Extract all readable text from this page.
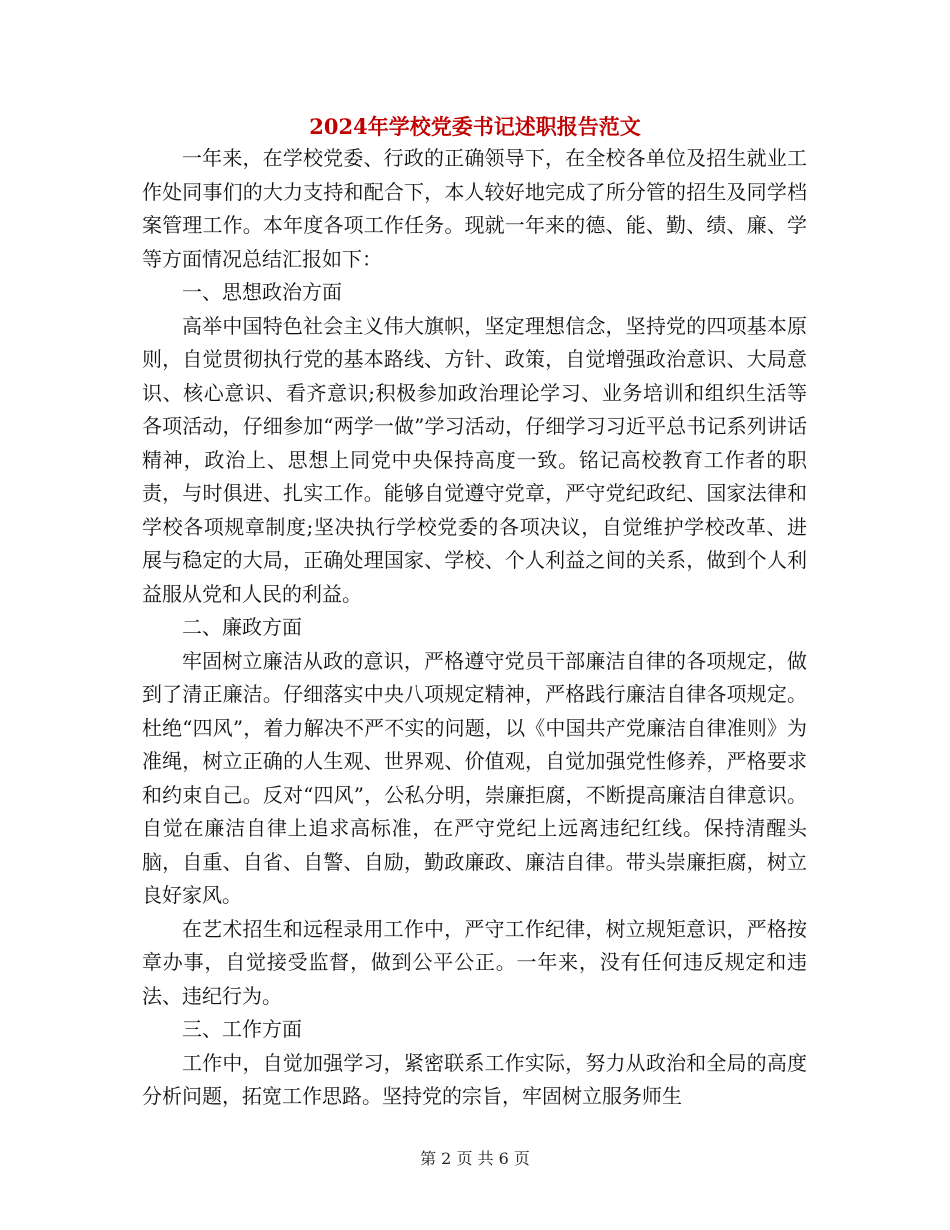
2024年学校党委书记述职报告范文

一年来，在学校党委、行政的正确领导下，在全校各单位及招生就业工作处同事们的大力支持和配合下，本人较好地完成了所分管的招生及同学档案管理工作。本年度各项工作任务。现就一年来的德、能、勤、绩、廉、学等方面情况总结汇报如下：

一、思想政治方面

高举中国特色社会主义伟大旗帜，坚定理想信念，坚持党的四项基本原则，自觉贯彻执行党的基本路线、方针、政策，自觉增强政治意识、大局意识、核心意识、看齐意识;积极参加政治理论学习、业务培训和组织生活等各项活动，仔细参加“两学一做”学习活动，仔细学习习近平总书记系列讲话精神，政治上、思想上同党中央保持高度一致。铭记高校教育工作者的职责，与时俱进、扎实工作。能够自觉遵守党章，严守党纪政纪、国家法律和学校各项规章制度;坚决执行学校党委的各项决议，自觉维护学校改革、进展与稳定的大局，正确处理国家、学校、个人利益之间的关系，做到个人利益服从党和人民的利益。

二、廉政方面

牢固树立廉洁从政的意识，严格遵守党员干部廉洁自律的各项规定，做到了清正廉洁。仔细落实中央八项规定精神，严格践行廉洁自律各项规定。杜绝“四风”，着力解决不严不实的问题，以《中国共产党廉洁自律准则》为准绳，树立正确的人生观、世界观、价值观，自觉加强党性修养，严格要求和约束自己。反对“四风”，公私分明，崇廉拒腐，不断提高廉洁自律意识。自觉在廉洁自律上追求高标准，在严守党纪上远离违纪红线。保持清醒头脑，自重、自省、自警、自励，勤政廉政、廉洁自律。带头崇廉拒腐，树立良好家风。

在艺术招生和远程录用工作中，严守工作纪律，树立规矩意识，严格按章办事，自觉接受监督，做到公平公正。一年来，没有任何违反规定和违法、违纪行为。

三、工作方面

工作中，自觉加强学习，紧密联系工作实际，努力从政治和全局的高度分析问题，拓宽工作思路。坚持党的宗旨，牢固树立服务师生

第 2 页 共 6 页
